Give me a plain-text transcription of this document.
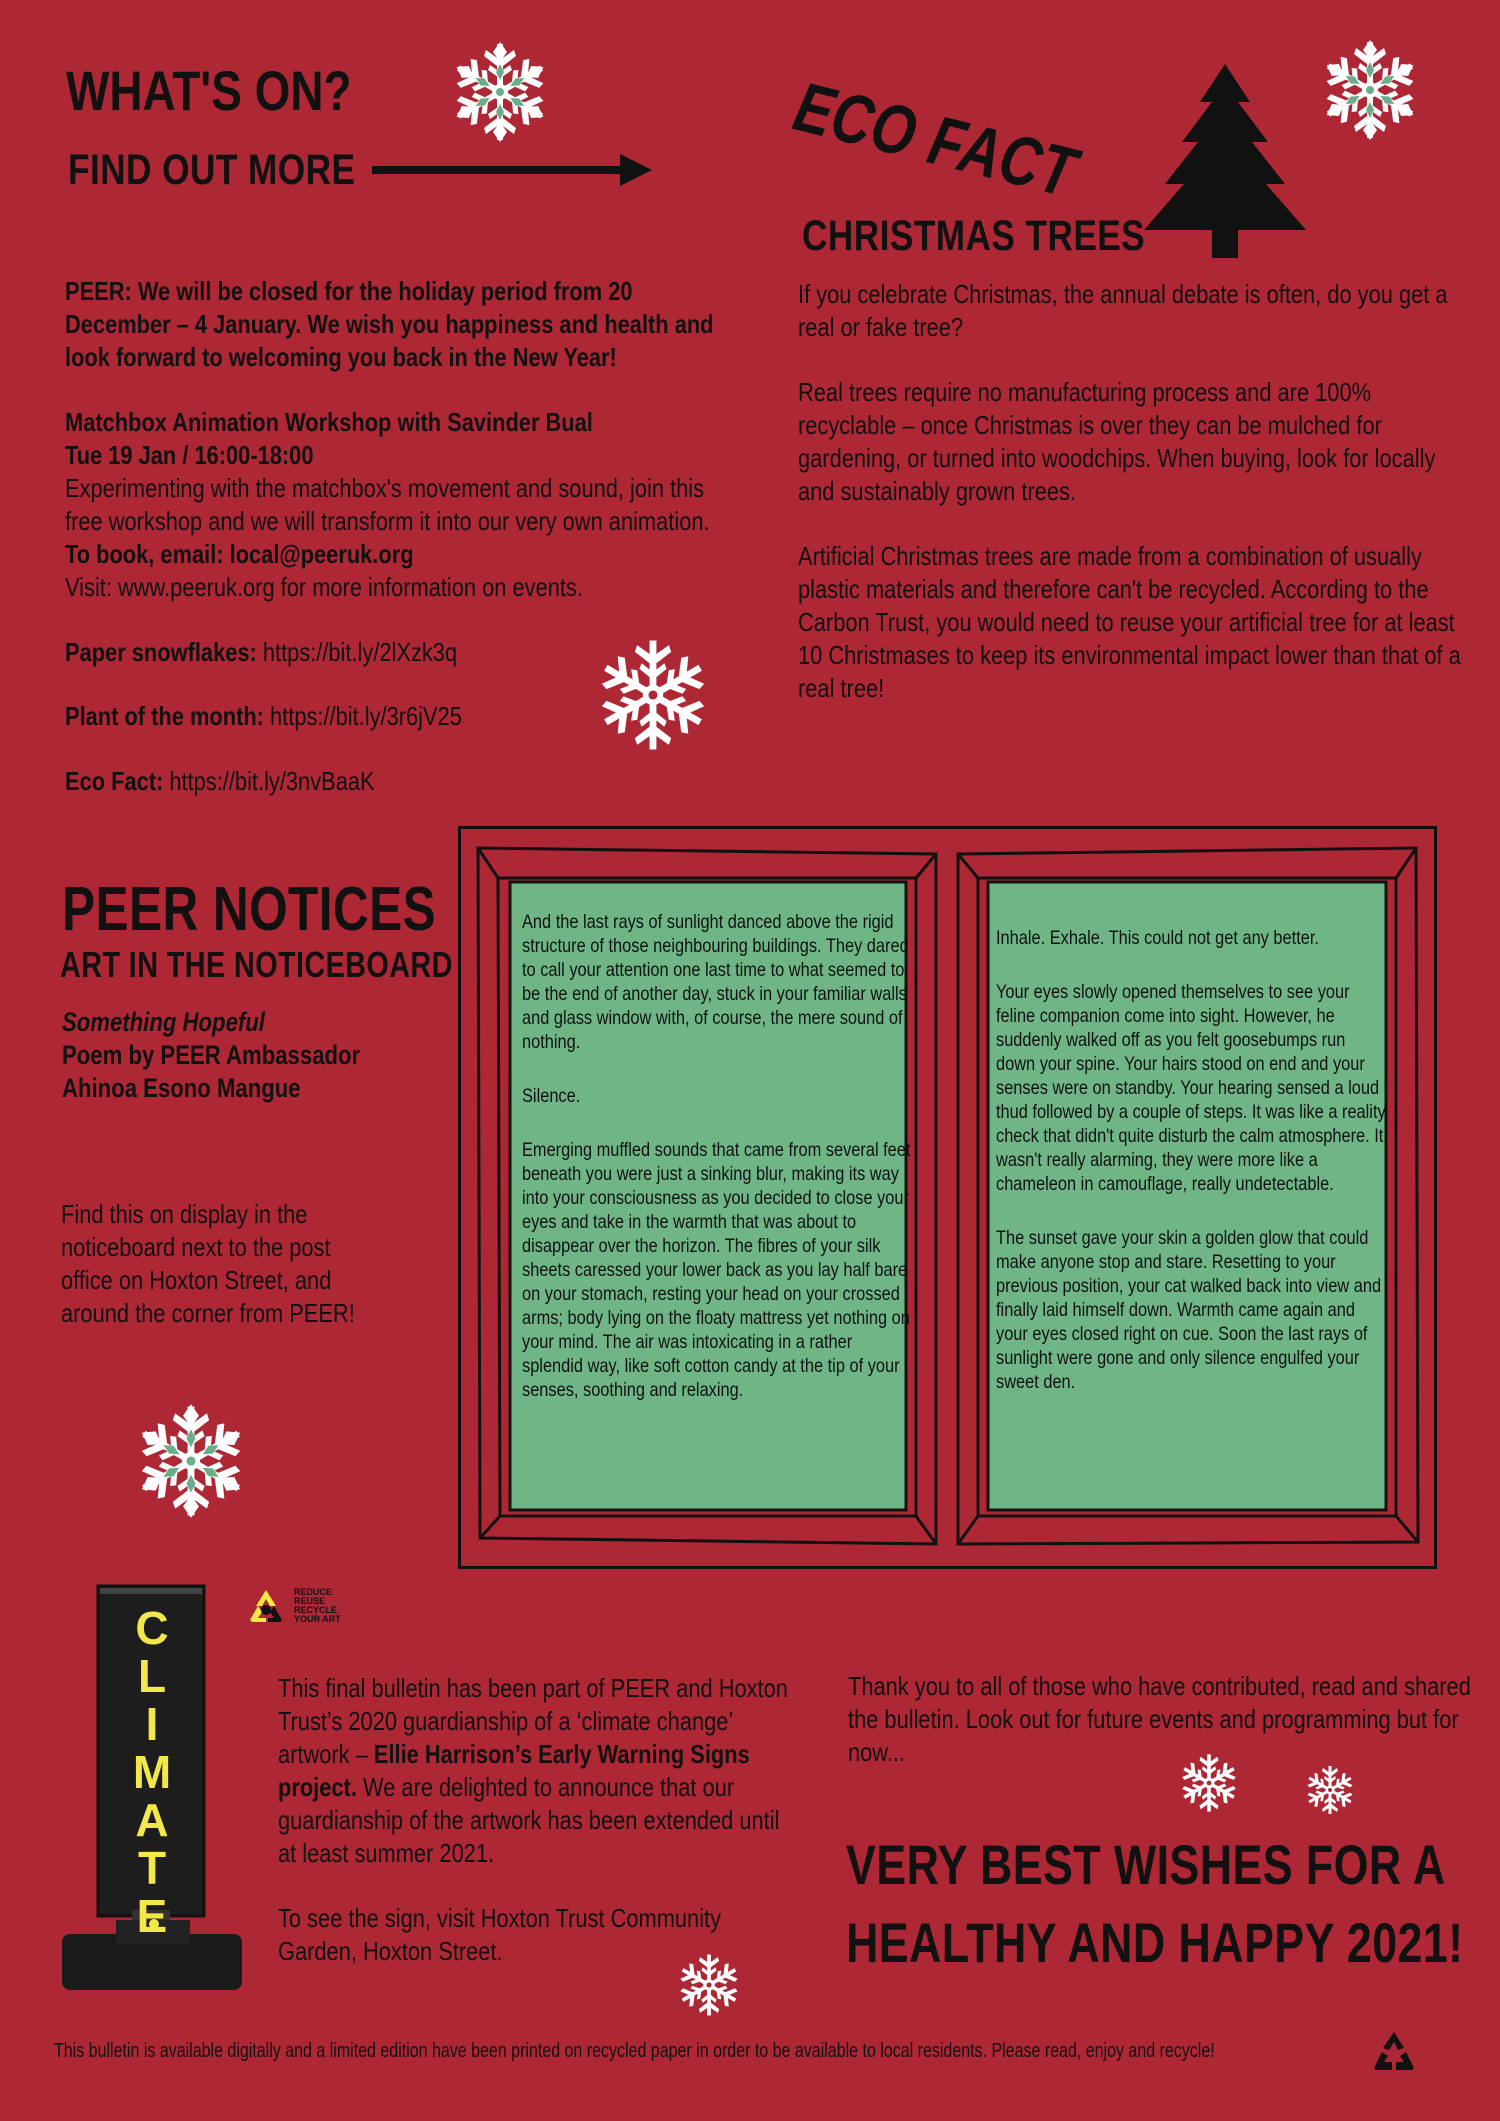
WHAT'S ON?
FIND OUT MORE

PEER: We will be closed for the holiday period from 20 December – 4 January. We wish you happiness and health and look forward to welcoming you back in the New Year!

Matchbox Animation Workshop with Savinder Bual
Tue 19 Jan / 16:00-18:00
Experimenting with the matchbox's movement and sound, join this free workshop and we will transform it into our very own animation. To book, email: local@peeruk.org
Visit: www.peeruk.org for more information on events.

Paper snowflakes: https://bit.ly/2lXzk3q
Plant of the month: https://bit.ly/3r6jV25
Eco Fact: https://bit.ly/3nvBaaK
ECO FACT
CHRISTMAS TREES

If you celebrate Christmas, the annual debate is often, do you get a real or fake tree?

Real trees require no manufacturing process and are 100% recyclable – once Christmas is over they can be mulched for gardening, or turned into woodchips. When buying, look for locally and sustainably grown trees.

Artificial Christmas trees are made from a combination of usually plastic materials and therefore can't be recycled. According to the Carbon Trust, you would need to reuse your artificial tree for at least 10 Christmases to keep its environmental impact lower than that of a real tree!

PEER NOTICES
ART IN THE NOTICEBOARD
Something Hopeful
Poem by PEER Ambassador
Ahinoa Esono Mangue
Find this on display in the noticeboard next to the post office on Hoxton Street, and around the corner from PEER!

And the last rays of sunlight danced above the rigid structure of those neighbouring buildings. They dared to call your attention one last time to what seemed to be the end of another day, stuck in your familiar walls and glass window with, of course, the mere sound of nothing.

Silence.

Emerging muffled sounds that came from several feet beneath you were just a sinking blur, making its way into your consciousness as you decided to close your eyes and take in the warmth that was about to disappear over the horizon. The fibres of your silk sheets caressed your lower back as you lay half bare on your stomach, resting your head on your crossed arms; body lying on the floaty mattress yet nothing on your mind. The air was intoxicating in a rather splendid way, like soft cotton candy at the tip of your senses, soothing and relaxing.

Inhale. Exhale. This could not get any better.

Your eyes slowly opened themselves to see your feline companion come into sight. However, he suddenly walked off as you felt goosebumps run down your spine. Your hairs stood on end and your senses were on standby. Your hearing sensed a loud thud followed by a couple of steps. It was like a reality check that didn't quite disturb the calm atmosphere. It wasn't really alarming, they were more like a chameleon in camouflage, really undetectable.

The sunset gave your skin a golden glow that could make anyone stop and stare. Resetting to your previous position, your cat walked back into view and finally laid himself down. Warmth came again and your eyes closed right on cue. Soon the last rays of sunlight were gone and only silence engulfed your sweet den.

CLIMATE
REDUCE
REUSE
RECYCLE
YOUR ART

This final bulletin has been part of PEER and Hoxton Trust’s 2020 guardianship of a ‘climate change’ artwork – Ellie Harrison’s Early Warning Signs project. We are delighted to announce that our guardianship of the artwork has been extended until at least summer 2021.

To see the sign, visit Hoxton Trust Community Garden, Hoxton Street.

Thank you to all of those who have contributed, read and shared the bulletin. Look out for future events and programming but for now...
VERY BEST WISHES FOR A
HEALTHY AND HAPPY 2021!
This bulletin is available digitally and a limited edition have been printed on recycled paper in order to be available to local residents. Please read, enjoy and recycle!
